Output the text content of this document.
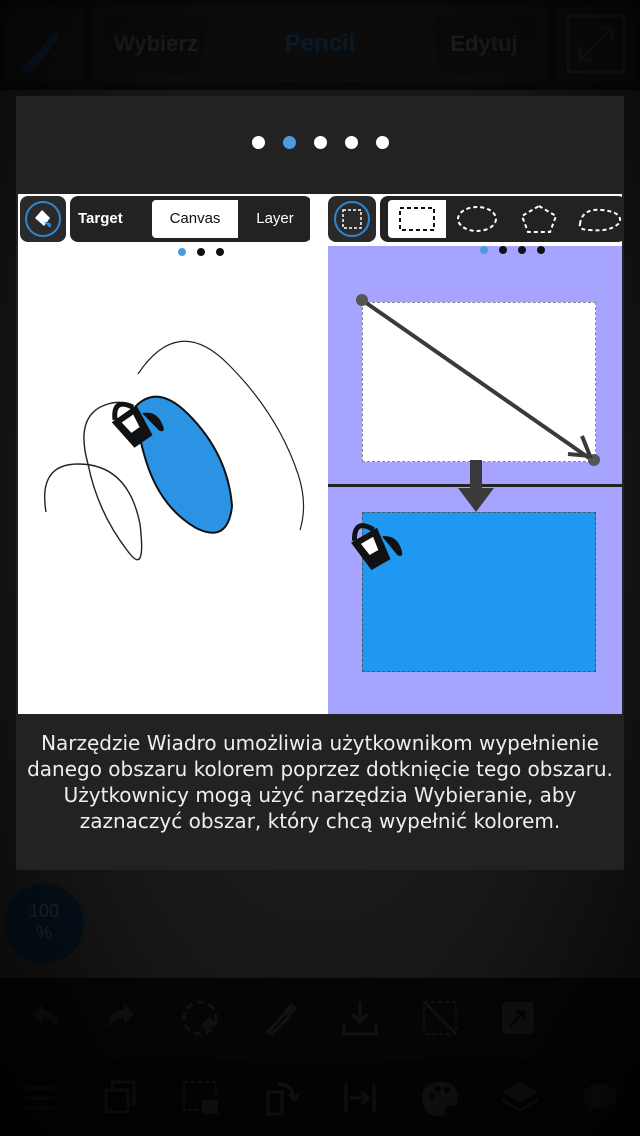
Target	Canvas	Layer
Narzędzie Wiadro umożliwia użytkownikom wypełnienie danego obszaru kolorem poprzez dotknięcie tego obszaru. Użytkownicy mogą użyć narzędzia Wybieranie, aby zaznaczyć obszar, który chcą wypełnić kolorem.
